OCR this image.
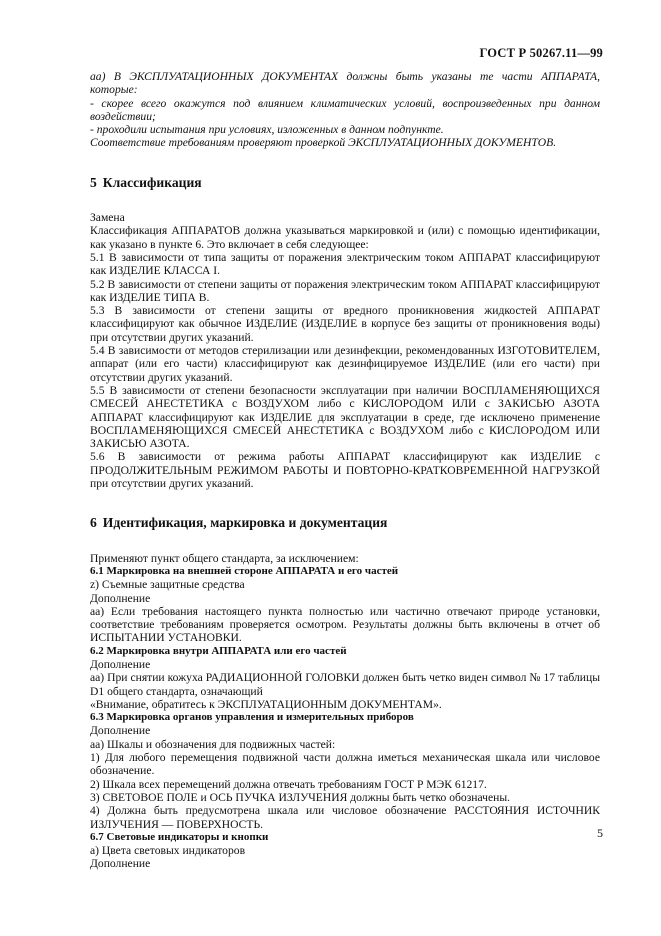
ГОСТ Р 50267.11—99

аа) В ЭКСПЛУАТАЦИОННЫХ ДОКУМЕНТАХ должны быть указаны те части АППАРАТА, которые:

- скорее всего окажутся под влиянием климатических условий, воспроизведенных при данном воздействии;

- проходили испытания при условиях, изложенных в данном подпункте.

Соответствие требованиям проверяют проверкой ЭКСПЛУАТАЦИОННЫХ ДОКУМЕНТОВ.

5 Классификация

Замена

Классификация АППАРАТОВ должна указываться маркировкой и (или) с помощью идентификации, как указано в пункте 6. Это включает в себя следующее:

5.1 В зависимости от типа защиты от поражения электрическим током АППАРАТ классифицируют как ИЗДЕЛИЕ КЛАССА I.

5.2 В зависимости от степени защиты от поражения электрическим током АППАРАТ классифицируют как ИЗДЕЛИЕ ТИПА В.

5.3 В зависимости от степени защиты от вредного проникновения жидкостей АППАРАТ классифицируют как обычное ИЗДЕЛИЕ (ИЗДЕЛИЕ в корпусе без защиты от проникновения воды) при отсутствии других указаний.

5.4 В зависимости от методов стерилизации или дезинфекции, рекомендованных ИЗГОТОВИТЕЛЕМ, аппарат (или его части) классифицируют как дезинфицируемое ИЗДЕЛИЕ (или его части) при отсутствии других указаний.

5.5 В зависимости от степени безопасности эксплуатации при наличии ВОСПЛАМЕНЯЮЩИХСЯ СМЕСЕЙ АНЕСТЕТИКА с ВОЗДУХОМ либо с КИСЛОРОДОМ ИЛИ с ЗАКИСЬЮ АЗОТА АППАРАТ классифицируют как ИЗДЕЛИЕ для эксплуатации в среде, где исключено применение ВОСПЛАМЕНЯЮЩИХСЯ СМЕСЕЙ АНЕСТЕТИКА с ВОЗДУХОМ либо с КИСЛОРОДОМ ИЛИ ЗАКИСЬЮ АЗОТА.

5.6 В зависимости от режима работы АППАРАТ классифицируют как ИЗДЕЛИЕ с ПРОДОЛЖИТЕЛЬНЫМ РЕЖИМОМ РАБОТЫ И ПОВТОРНО-КРАТКОВРЕМЕННОЙ НАГРУЗКОЙ при отсутствии других указаний.

6 Идентификация, маркировка и документация

Применяют пункт общего стандарта, за исключением:

6.1 Маркировка на внешней стороне АППАРАТА и его частей

z) Съемные защитные средства

Дополнение

аа) Если требования настоящего пункта полностью или частично отвечают природе установки, соответствие требованиям проверяется осмотром. Результаты должны быть включены в отчет об ИСПЫТАНИИ УСТАНОВКИ.

6.2 Маркировка внутри АППАРАТА или его частей

Дополнение

аа) При снятии кожуха РАДИАЦИОННОЙ ГОЛОВКИ должен быть четко виден символ № 17 таблицы D1 общего стандарта, означающий

«Внимание, обратитесь к ЭКСПЛУАТАЦИОННЫМ ДОКУМЕНТАМ».

6.3 Маркировка органов управления и измерительных приборов

Дополнение

аа) Шкалы и обозначения для подвижных частей:

1) Для любого перемещения подвижной части должна иметься механическая шкала или числовое обозначение.

2) Шкала всех перемещений должна отвечать требованиям ГОСТ Р МЭК 61217.

3) СВЕТОВОЕ ПОЛЕ и ОСЬ ПУЧКА ИЗЛУЧЕНИЯ должны быть четко обозначены.

4) Должна быть предусмотрена шкала или числовое обозначение РАССТОЯНИЯ ИСТОЧНИК ИЗЛУЧЕНИЯ — ПОВЕРХНОСТЬ.

6.7 Световые индикаторы и кнопки

а) Цвета световых индикаторов

Дополнение

5
